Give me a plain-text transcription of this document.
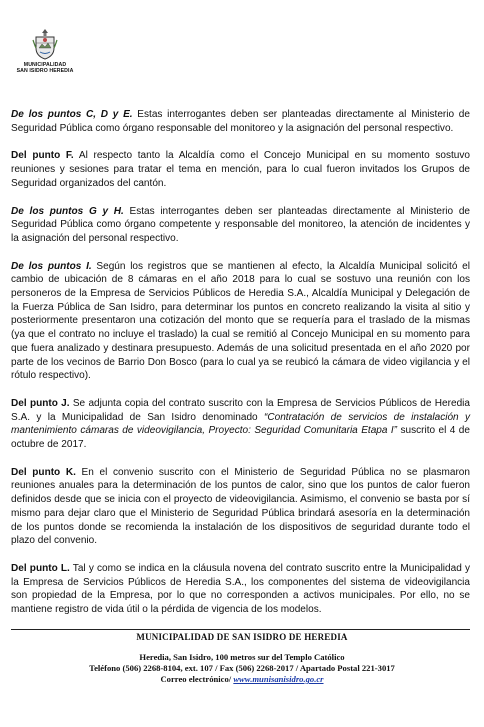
MUNICIPALIDAD
SAN ISIDRO HEREDIA

De los puntos C, D y E. Estas interrogantes deben ser planteadas directamente al Ministerio de Seguridad Pública como órgano responsable del monitoreo y la asignación del personal respectivo.

Del punto F. Al respecto tanto la Alcaldía como el Concejo Municipal en su momento sostuvo reuniones y sesiones para tratar el tema en mención, para lo cual fueron invitados los Grupos de Seguridad organizados del cantón.

De los puntos G y H. Estas interrogantes deben ser planteadas directamente al Ministerio de Seguridad Pública como órgano competente y responsable del monitoreo, la atención de incidentes y la asignación del personal respectivo.

De los puntos I. Según los registros que se mantienen al efecto, la Alcaldía Municipal solicitó el cambio de ubicación de 8 cámaras en el año 2018 para lo cual se sostuvo una reunión con los personeros de la Empresa de Servicios Públicos de Heredia S.A., Alcaldía Municipal y Delegación de la Fuerza Pública de San Isidro, para determinar los puntos en concreto realizando la visita al sitio y posteriormente presentaron una cotización del monto que se requería para el traslado de la mismas (ya que el contrato no incluye el traslado) la cual se remitió al Concejo Municipal en su momento para que fuera analizado y destinara presupuesto. Además de una solicitud presentada en el año 2020 por parte de los vecinos de Barrio Don Bosco (para lo cual ya se reubicó la cámara de video vigilancia y el rótulo respectivo).

Del punto J. Se adjunta copia del contrato suscrito con la Empresa de Servicios Públicos de Heredia S.A. y la Municipalidad de San Isidro denominado “Contratación de servicios de instalación y mantenimiento cámaras de videovigilancia, Proyecto: Seguridad Comunitaria Etapa I” suscrito el 4 de octubre de 2017.

Del punto K. En el convenio suscrito con el Ministerio de Seguridad Pública no se plasmaron reuniones anuales para la determinación de los puntos de calor, sino que los puntos de calor fueron definidos desde que se inicia con el proyecto de videovigilancia. Asimismo, el convenio se basta por sí mismo para dejar claro que el Ministerio de Seguridad Pública brindará asesoría en la determinación de los puntos donde se recomienda la instalación de los dispositivos de seguridad durante todo el plazo del convenio.

Del punto L. Tal y como se indica en la cláusula novena del contrato suscrito entre la Municipalidad y la Empresa de Servicios Públicos de Heredia S.A., los componentes del sistema de videovigilancia son propiedad de la Empresa, por lo que no corresponden a activos municipales. Por ello, no se mantiene registro de vida útil o la pérdida de vigencia de los modelos.

MUNICIPALIDAD DE SAN ISIDRO DE HEREDIA
Heredia, San Isidro, 100 metros sur del Templo Católico
Teléfono (506) 2268-8104, ext. 107 / Fax (506) 2268-2017 / Apartado Postal 221-3017
Correo electrónico/ www.munisanisidro.go.cr
